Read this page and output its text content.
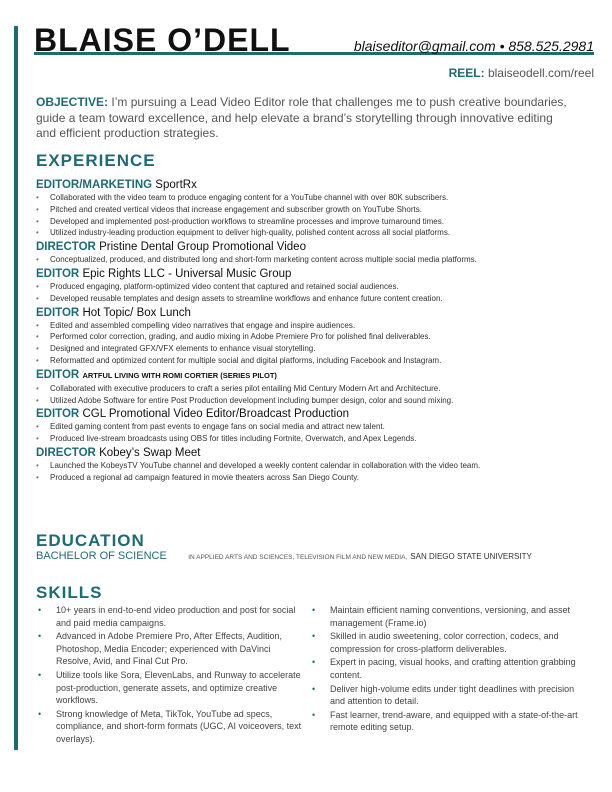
BLAISE O’DELL	blaiseditor@gmail.com • 858.525.2981
REEL: blaiseodell.com/reel
OBJECTIVE: I’m pursuing a Lead Video Editor role that challenges me to push creative boundaries, guide a team toward excellence, and help elevate a brand’s storytelling through innovative editing and efficient production strategies.
EXPERIENCE
EDITOR/MARKETING SportRx
• Collaborated with the video team to produce engaging content for a YouTube channel with over 80K subscribers.
• Pitched and created vertical videos that increase engagement and subscriber growth on YouTube Shorts.
• Developed and implemented post-production workflows to streamline processes and improve turnaround times.
• Utilized industry-leading production equipment to deliver high-quality, polished content across all social platforms.
DIRECTOR Pristine Dental Group Promotional Video
• Conceptualized, produced, and distributed long and short-form marketing content across multiple social media platforms.
EDITOR Epic Rights LLC - Universal Music Group
• Produced engaging, platform-optimized video content that captured and retained social audiences.
• Developed reusable templates and design assets to streamline workflows and enhance future content creation.
EDITOR Hot Topic/ Box Lunch
• Edited and assembled compelling video narratives that engage and inspire audiences.
• Performed color correction, grading, and audio mixing in Adobe Premiere Pro for polished final deliverables.
• Designed and integrated GFX/VFX elements to enhance visual storytelling.
• Reformatted and optimized content for multiple social and digital platforms, including Facebook and Instagram.
EDITOR ARTFUL LIVING WITH ROMI CORTIER (SERIES PILOT)
• Collaborated with executive producers to craft a series pilot entailing Mid Century Modern Art and Architecture.
• Utilized Adobe Software for entire Post Production development including bumper design, color and sound mixing.
EDITOR CGL Promotional Video Editor/Broadcast Production
• Edited gaming content from past events to engage fans on social media and attract new talent.
• Produced live-stream broadcasts using OBS for titles including Fortnite, Overwatch, and Apex Legends.
DIRECTOR Kobey’s Swap Meet
• Launched the KobeysTV YouTube channel and developed a weekly content calendar in collaboration with the video team.
• Produced a regional ad campaign featured in movie theaters across San Diego County.
EDUCATION
BACHELOR OF SCIENCE	IN APPLIED ARTS AND SCIENCES, TELEVISION FILM AND NEW MEDIA, SAN DIEGO STATE UNIVERSITY
SKILLS
• 10+ years in end-to-end video production and post for social and paid media campaigns.
• Advanced in Adobe Premiere Pro, After Effects, Audition, Photoshop, Media Encoder; experienced with DaVinci Resolve, Avid, and Final Cut Pro.
• Utilize tools like Sora, ElevenLabs, and Runway to accelerate post-production, generate assets, and optimize creative workflows.
• Strong knowledge of Meta, TikTok, YouTube ad specs, compliance, and short-form formats (UGC, AI voiceovers, text overlays).
• Maintain efficient naming conventions, versioning, and asset management (Frame.io)
• Skilled in audio sweetening, color correction, codecs, and compression for cross-platform deliverables.
• Expert in pacing, visual hooks, and crafting attention grabbing content.
• Deliver high-volume edits under tight deadlines with precision and attention to detail.
• Fast learner, trend-aware, and equipped with a state-of-the-art remote editing setup.
